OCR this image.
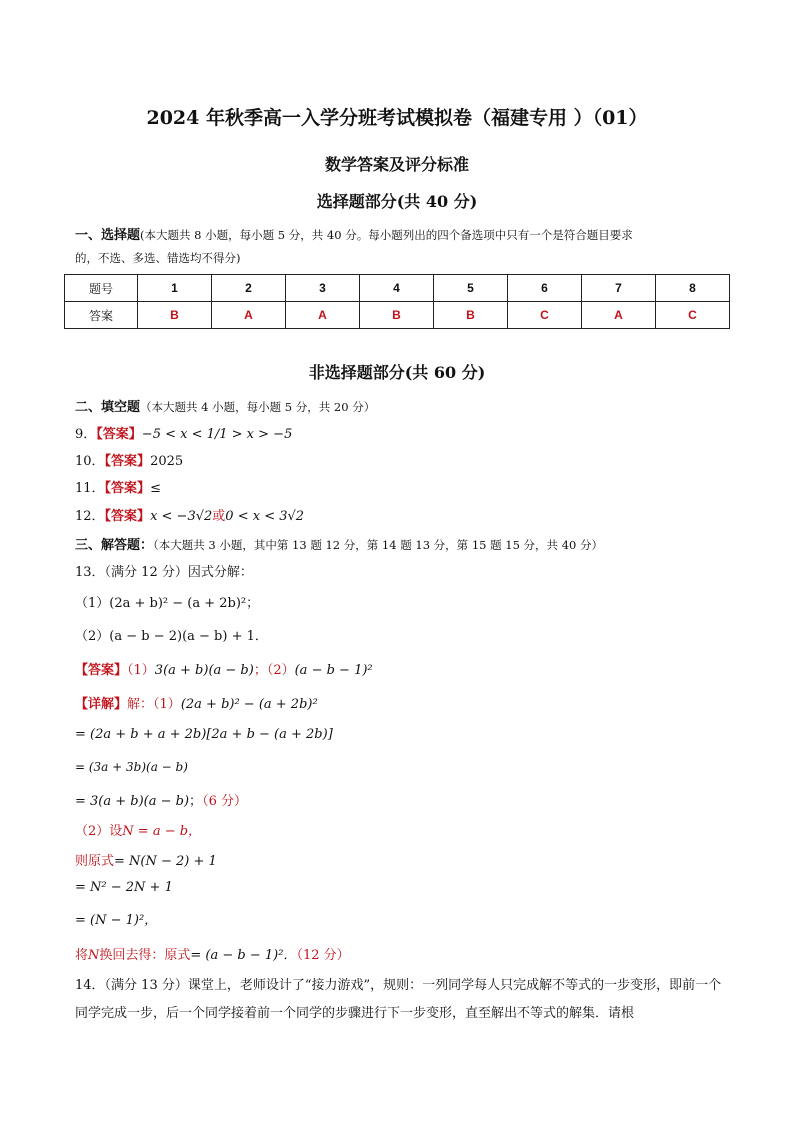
2024 年秋季高一入学分班考试模拟卷（福建专用 ）（01）
数学答案及评分标准
选择题部分(共 40 分)
一、选择题(本大题共 8 小题，每小题 5 分，共 40 分。每小题列出的四个备选项中只有一个是符合题目要求
的，不选、多选、错选均不得分)
题号	1	2	3	4	5	6	7	8
答案	B	A	A	B	B	C	A	C
非选择题部分(共 60 分)
二、填空题（本大题共 4 小题，每小题 5 分，共 20 分）
9．【答案】−5 < x < 1/1 > x > −5
10．【答案】2025
11．【答案】≤
12．【答案】x < −3√2或0 < x < 3√2
三、解答题：（本大题共 3 小题，其中第 13 题 12 分，第 14 题 13 分，第 15 题 15 分，共 40 分）
13．（满分 12 分）因式分解：
（1）(2a + b)² − (a + 2b)²；
（2）(a − b − 2)(a − b) + 1．
【答案】（1）3(a + b)(a − b)；（2）(a − b − 1)²
【详解】解：（1）(2a + b)² − (a + 2b)²
= (2a + b + a + 2b)[2a + b − (a + 2b)]
= (3a + 3b)(a − b)
= 3(a + b)(a − b)；（6 分）
（2）设N = a − b，
则原式= N(N − 2) + 1
= N² − 2N + 1
= (N − 1)²，
将N换回去得：原式= (a − b − 1)²．（12 分）
14．（满分 13 分）课堂上，老师设计了“接力游戏”，规则：一列同学每人只完成解不等式的一步变形，即前一个同学完成一步，后一个同学接着前一个同学的步骤进行下一步变形，直至解出不等式的解集．请根
